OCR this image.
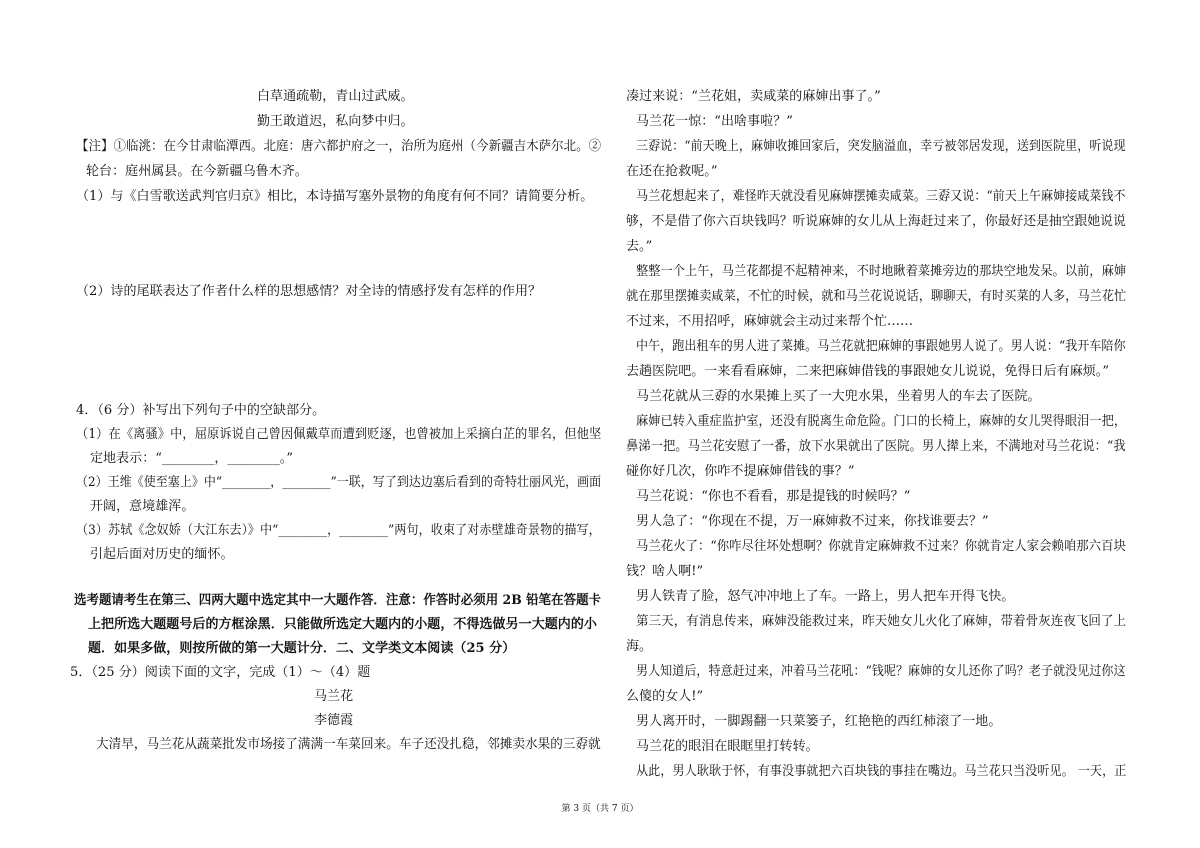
白草通疏勒，青山过武威。
勤王敢道迟，私向梦中归。
【注】①临洮：在今甘肃临潭西。北庭：唐六都护府之一，治所为庭州（今新疆吉木萨尔北。②
轮台：庭州属县。在今新疆乌鲁木齐。
（1）与《白雪歌送武判官归京》相比，本诗描写塞外景物的角度有何不同？请简要分析。
（2）诗的尾联表达了作者什么样的思想感情？对全诗的情感抒发有怎样的作用？
4．（6 分）补写出下列句子中的空缺部分。
（1）在《离骚》中，屈原诉说自己曾因佩戴草而遭到贬逐，也曾被加上采摘白芷的罪名，但他坚
定地表示：“________，________。”
（2）王维《使至塞上》中“________，________”一联，写了到达边塞后看到的奇特壮丽风光，画面
开阔，意境雄浑。
（3）苏轼《念奴娇（大江东去）》中“________，________”两句，收束了对赤壁雄奇景物的描写，
引起后面对历史的缅怀。
选考题请考生在第三、四两大题中选定其中一大题作答．注意：作答时必须用 2B 铅笔在答题卡
上把所选大题题号后的方框涂黑．只能做所选定大题内的小题，不得选做另一大题内的小
题．如果多做，则按所做的第一大题计分．二、文学类文本阅读（25 分）
5．（25 分）阅读下面的文字，完成（1）～（4）题
马兰花
李德霞
大清早，马兰花从蔬菜批发市场接了满满一车菜回来。车子还没扎稳，邻摊卖水果的三孬就
凑过来说：“兰花姐，卖咸菜的麻婶出事了。”
马兰花一惊：“出啥事啦？”
三孬说：“前天晚上，麻婶收摊回家后，突发脑溢血，幸亏被邻居发现，送到医院里，听说现
在还在抢救呢。”
马兰花想起来了，难怪昨天就没看见麻婶摆摊卖咸菜。三孬又说：“前天上午麻婶接咸菜钱不
够，不是借了你六百块钱吗？听说麻婶的女儿从上海赶过来了，你最好还是抽空跟她说说
去。”
整整一个上午，马兰花都提不起精神来，不时地瞅着菜摊旁边的那块空地发呆。以前，麻婶
就在那里摆摊卖咸菜，不忙的时候，就和马兰花说说话，聊聊天，有时买菜的人多，马兰花忙
不过来，不用招呼，麻婶就会主动过来帮个忙……
中午，跑出租车的男人进了菜摊。马兰花就把麻婶的事跟她男人说了。男人说：“我开车陪你
去趟医院吧。一来看看麻婶，二来把麻婶借钱的事跟她女儿说说，免得日后有麻烦。”
马兰花就从三孬的水果摊上买了一大兜水果，坐着男人的车去了医院。
麻婶已转入重症监护室，还没有脱离生命危险。门口的长椅上，麻婶的女儿哭得眼泪一把，
鼻涕一把。马兰花安慰了一番，放下水果就出了医院。男人撵上来，不满地对马兰花说：“我
碰你好几次，你咋不提麻婶借钱的事？”
马兰花说：“你也不看看，那是提钱的时候吗？”
男人急了：“你现在不提，万一麻婶救不过来，你找谁要去？”
马兰花火了：“你咋尽往坏处想啊？你就肯定麻婶救不过来？你就肯定人家会赖咱那六百块
钱？啥人啊!”
男人铁青了脸，怒气冲冲地上了车。一路上，男人把车开得飞快。
第三天，有消息传来，麻婶没能救过来，昨天她女儿火化了麻婶，带着骨灰连夜飞回了上
海。
男人知道后，特意赶过来，冲着马兰花吼：“钱呢？麻婶的女儿还你了吗？老子就没见过你这
么傻的女人!”
男人离开时，一脚踢翻一只菜篓子，红艳艳的西红柿滚了一地。
马兰花的眼泪在眼眶里打转转。
从此，男人耿耿于怀，有事没事就把六百块钱的事挂在嘴边。马兰花只当没听见。 一天，正
第 3 页（共 7 页）
